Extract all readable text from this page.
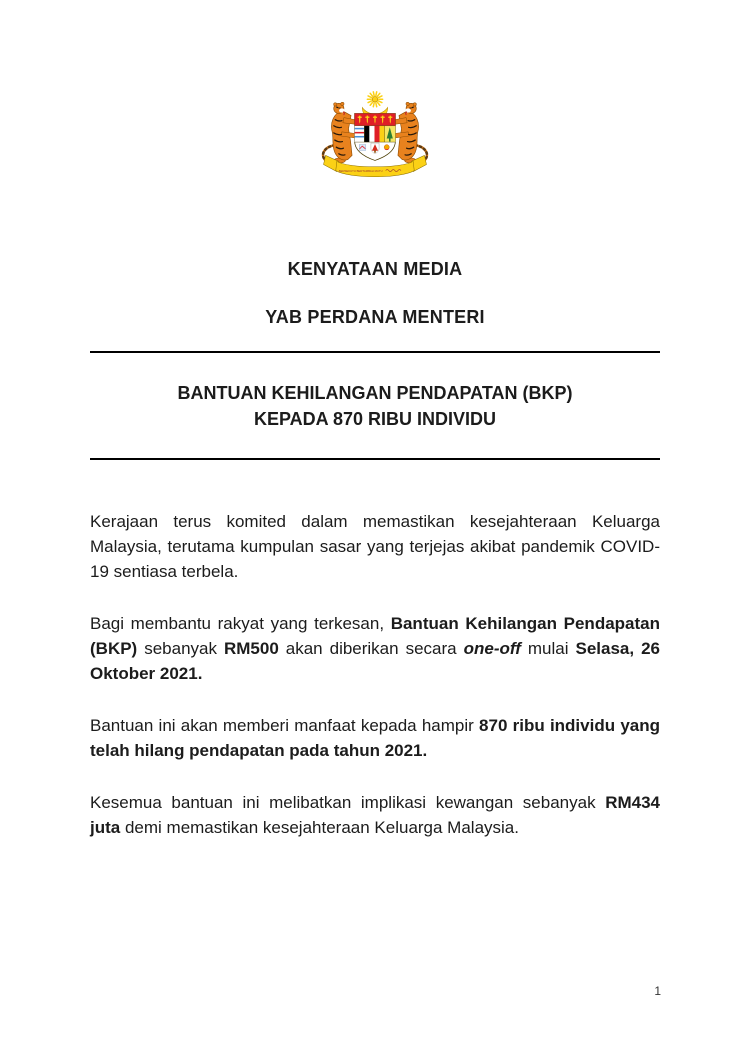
BERSEKUTU BERTAMBAH MUTU

KENYATAAN MEDIA

YAB PERDANA MENTERI

BANTUAN KEHILANGAN PENDAPATAN (BKP)
KEPADA 870 RIBU INDIVIDU

Kerajaan terus komited dalam memastikan kesejahteraan Keluarga Malaysia, terutama kumpulan sasar yang terjejas akibat pandemik COVID-19 sentiasa terbela.

Bagi membantu rakyat yang terkesan, Bantuan Kehilangan Pendapatan (BKP) sebanyak RM500 akan diberikan secara one-off mulai Selasa, 26 Oktober 2021.

Bantuan ini akan memberi manfaat kepada hampir 870 ribu individu yang telah hilang pendapatan pada tahun 2021.

Kesemua bantuan ini melibatkan implikasi kewangan sebanyak RM434 juta demi memastikan kesejahteraan Keluarga Malaysia.

1
